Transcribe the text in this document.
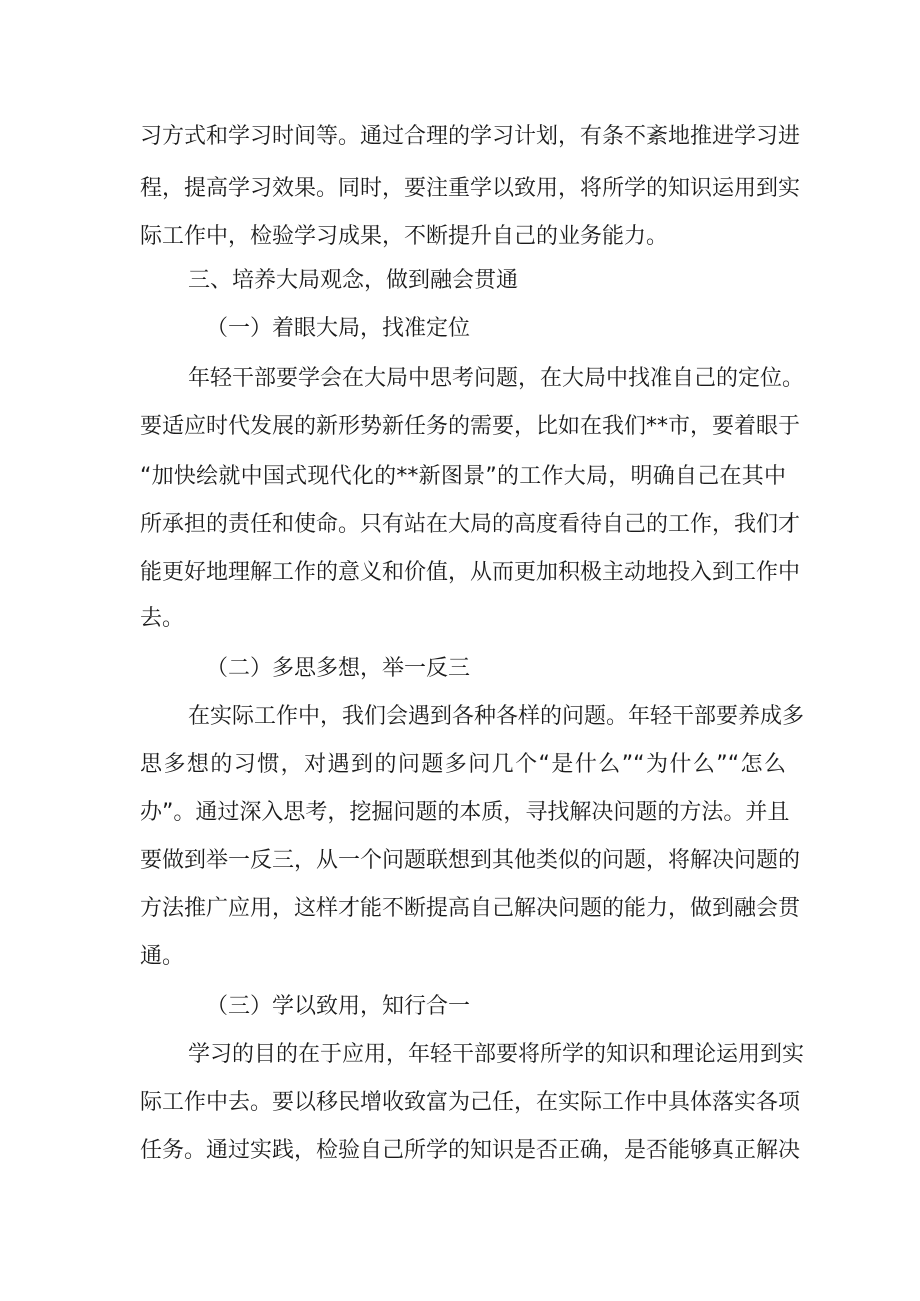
习方式和学习时间等。通过合理的学习计划，有条不紊地推进学习进
程，提高学习效果。同时，要注重学以致用，将所学的知识运用到实
际工作中，检验学习成果，不断提升自己的业务能力。
三、培养大局观念，做到融会贯通
（一）着眼大局，找准定位
年轻干部要学会在大局中思考问题，在大局中找准自己的定位。
要适应时代发展的新形势新任务的需要，比如在我们**市，要着眼于
“加快绘就中国式现代化的**新图景”的工作大局，明确自己在其中
所承担的责任和使命。只有站在大局的高度看待自己的工作，我们才
能更好地理解工作的意义和价值，从而更加积极主动地投入到工作中
去。
（二）多思多想，举一反三
在实际工作中，我们会遇到各种各样的问题。年轻干部要养成多
思多想的习惯，对遇到的问题多问几个“是什么”“为什么”“怎么
办”。通过深入思考，挖掘问题的本质，寻找解决问题的方法。并且
要做到举一反三，从一个问题联想到其他类似的问题，将解决问题的
方法推广应用，这样才能不断提高自己解决问题的能力，做到融会贯
通。
（三）学以致用，知行合一
学习的目的在于应用，年轻干部要将所学的知识和理论运用到实
际工作中去。要以移民增收致富为己任，在实际工作中具体落实各项
任务。通过实践，检验自己所学的知识是否正确，是否能够真正解决
